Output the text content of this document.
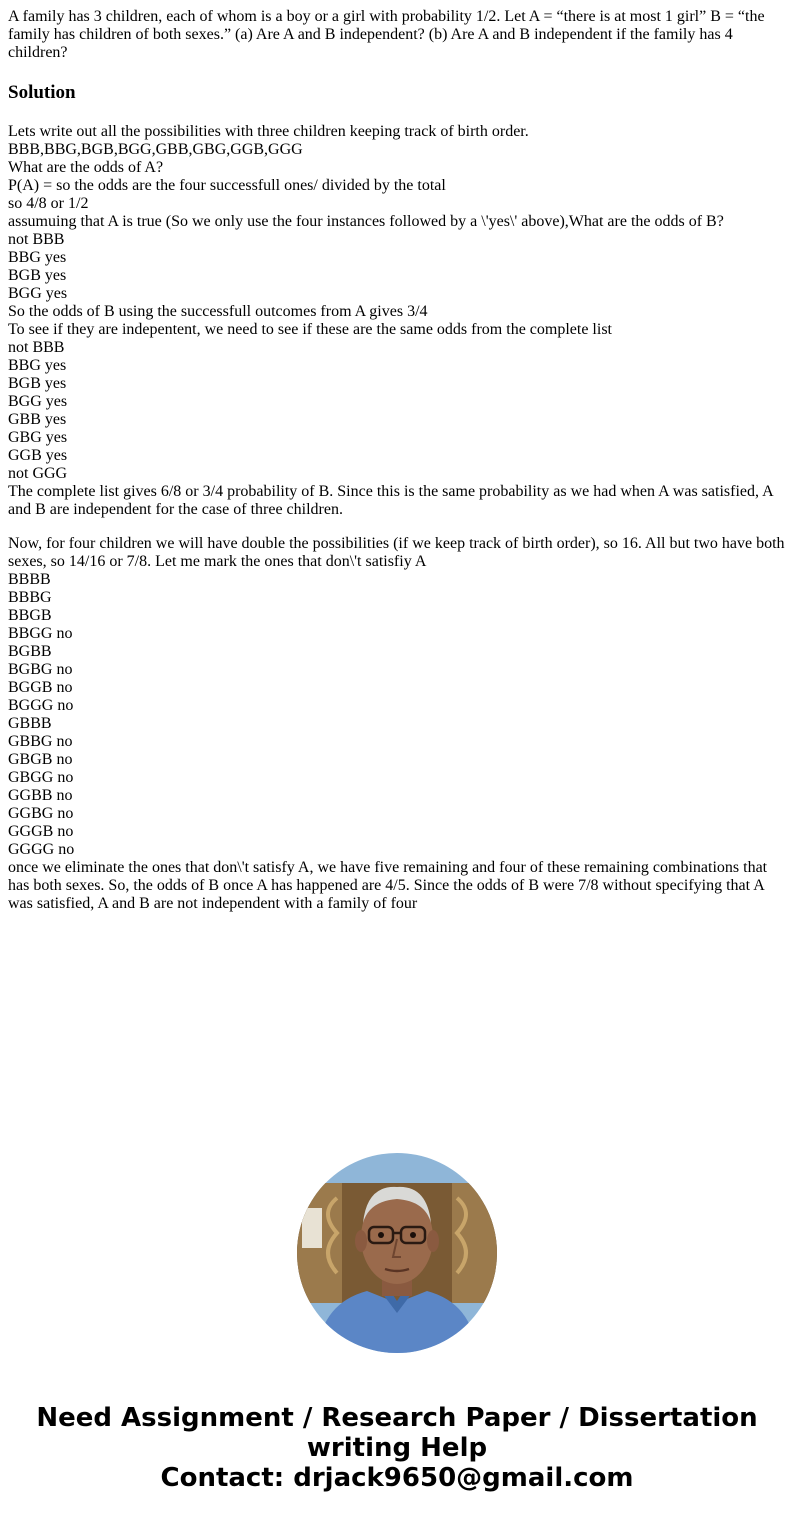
A family has 3 children, each of whom is a boy or a girl with probability 1/2. Let A = “there is at most 1 girl” B = “the family has children of both sexes.” (a) Are A and B independent? (b) Are A and B independent if the family has 4 children?

Solution
Lets write out all the possibilities with three children keeping track of birth order.
BBB,BBG,BGB,BGG,GBB,GBG,GGB,GGG
What are the odds of A?
P(A) = so the odds are the four successfull ones/ divided by the total
so 4/8 or 1/2
assumuing that A is true (So we only use the four instances followed by a \'yes\' above),What are the odds of B?
not BBB
BBG yes
BGB yes
BGG yes
So the odds of B using the successfull outcomes from A gives 3/4
To see if they are indepentent, we need to see if these are the same odds from the complete list
not BBB
BBG yes
BGB yes
BGG yes
GBB yes
GBG yes
GGB yes
not GGG
The complete list gives 6/8 or 3/4 probability of B. Since this is the same probability as we had when A was satisfied, A and B are independent for the case of three children.
Now, for four children we will have double the possibilities (if we keep track of birth order), so 16. All but two have both sexes, so 14/16 or 7/8. Let me mark the ones that don\'t satisfiy A
BBBB
BBBG
BBGB
BBGG no
BGBB
BGBG no
BGGB no
BGGG no
GBBB
GBBG no
GBGB no
GBGG no
GGBB no
GGBG no
GGGB no
GGGG no
once we eliminate the ones that don\'t satisfy A, we have five remaining and four of these remaining combinations that has both sexes. So, the odds of B once A has happened are 4/5. Since the odds of B were 7/8 without specifying that A was satisfied, A and B are not independent with a family of four
Need Assignment / Research Paper / Dissertation
writing Help
Contact: drjack9650@gmail.com
